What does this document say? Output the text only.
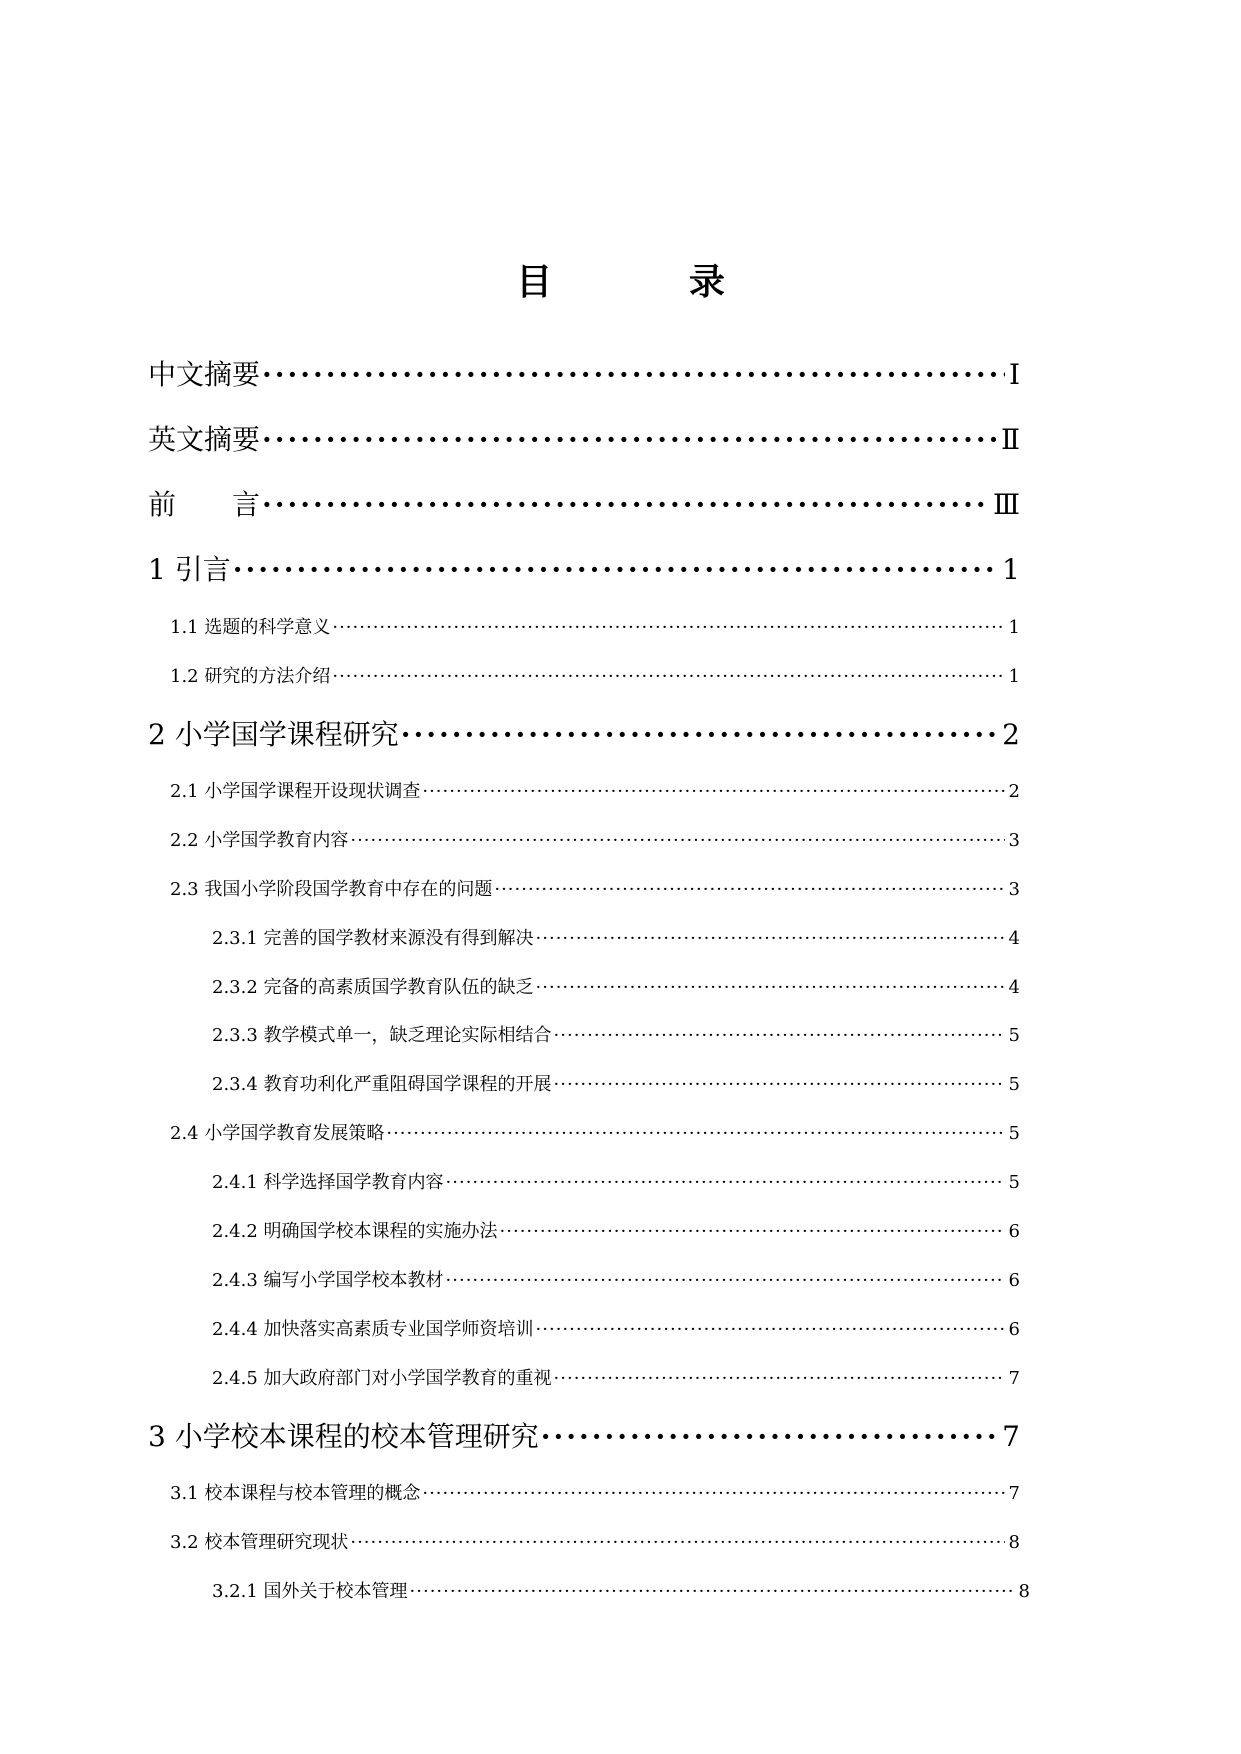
目　录
中文摘要 ·····	Ⅰ
英文摘要 ·····	Ⅱ
前 言 ·····	Ⅲ
1 引言 ·····	1
1.1 选题的科学意义 ·····	1
1.2 研究的方法介绍 ·····	1
2 小学国学课程研究 ·····	2
2.1 小学国学课程开设现状调查 ·····	2
2.2 小学国学教育内容 ·····	3
2.3 我国小学阶段国学教育中存在的问题 ·····	3
2.3.1 完善的国学教材来源没有得到解决 ·····	4
2.3.2 完备的高素质国学教育队伍的缺乏 ·····	4
2.3.3 教学模式单一，缺乏理论实际相结合 ·····	5
2.3.4 教育功利化严重阻碍国学课程的开展 ·····	5
2.4 小学国学教育发展策略 ·····	5
2.4.1 科学选择国学教育内容 ·····	5
2.4.2 明确国学校本课程的实施办法 ·····	6
2.4.3 编写小学国学校本教材 ·····	6
2.4.4 加快落实高素质专业国学师资培训 ·····	6
2.4.5 加大政府部门对小学国学教育的重视 ·····	7
3 小学校本课程的校本管理研究 ·····	7
3.1 校本课程与校本管理的概念 ·····	7
3.2 校本管理研究现状 ·····	8
3.2.1 国外关于校本管理 ·····	8
